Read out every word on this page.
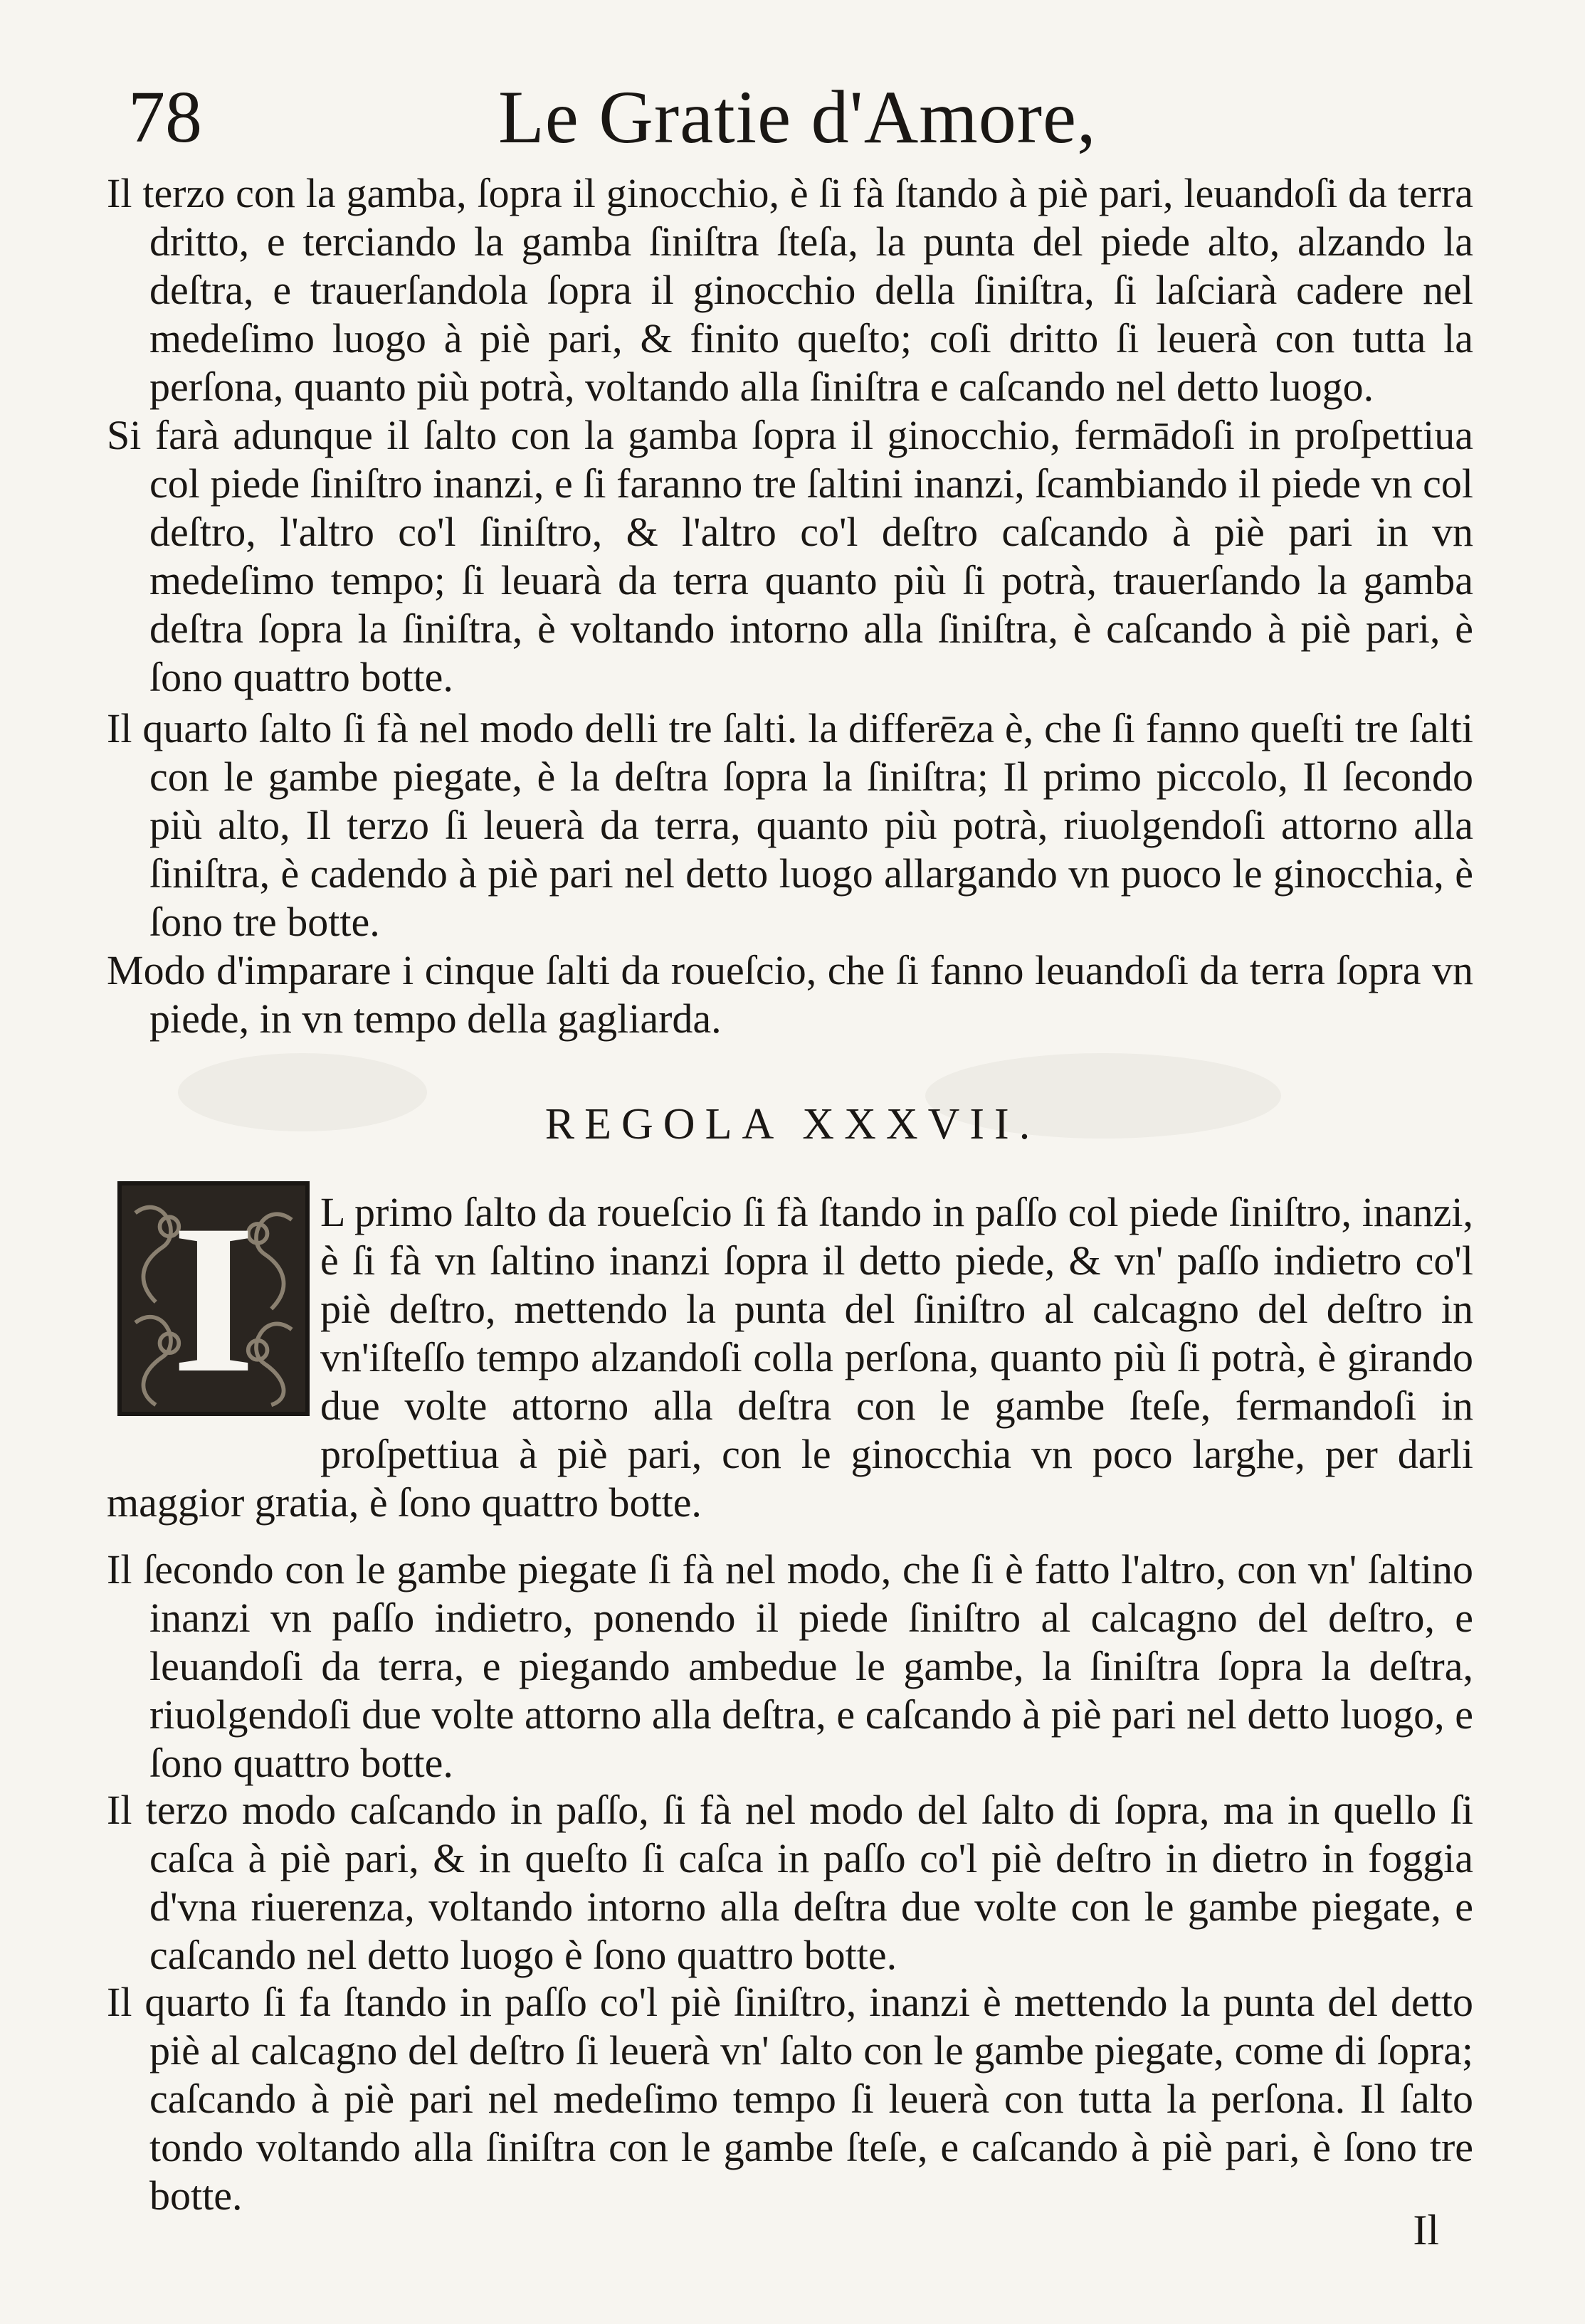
78	Le Gratie d'Amore,

Il terzo con la gamba, ſopra il ginocchio, è ſi fà ſtando à piè pari, leuandoſi da terra dritto, e terciando la gamba ſiniſtra ſteſa, la punta del piede alto, alzando la deſtra, e trauerſandola ſopra il ginocchio della ſiniſtra, ſi laſciarà cadere nel medeſimo luogo à piè pari, & finito queſto; coſi dritto ſi leuerà con tutta la perſona, quanto più potrà, voltando alla ſiniſtra e caſcando nel detto luogo.

Si farà adunque il ſalto con la gamba ſopra il ginocchio, fermādoſi in proſpettiua col piede ſiniſtro inanzi, e ſi faranno tre ſaltini inanzi, ſcambiando il piede vn col deſtro, l'altro co'l ſiniſtro, & l'altro co'l deſtro caſcando à piè pari in vn medeſimo tempo; ſi leuarà da terra quanto più ſi potrà, trauerſando la gamba deſtra ſopra la ſiniſtra, è voltando intorno alla ſiniſtra, è caſcando à piè pari, è ſono quattro botte.

Il quarto ſalto ſi fà nel modo delli tre ſalti. la differēza è, che ſi fanno queſti tre ſalti con le gambe piegate, è la deſtra ſopra la ſiniſtra; Il primo piccolo, Il ſecondo più alto, Il terzo ſi leuerà da terra, quanto più potrà, riuolgendoſi attorno alla ſiniſtra, è cadendo à piè pari nel detto luogo allargando vn puoco le ginocchia, è ſono tre botte.

Modo d'imparare i cinque ſalti da roueſcio, che ſi fanno leuandoſi da terra ſopra vn piede, in vn tempo della gagliarda.

REGOLA XXXVII.
I	L primo ſalto da roueſcio ſi fà ſtando in paſſo col piede ſiniſtro, inanzi, è ſi fà vn ſaltino inanzi ſopra il detto piede, & vn' paſſo indietro co'l piè deſtro, mettendo la punta del ſiniſtro al calcagno del deſtro in vn'iſteſſo tempo alzandoſi colla perſona, quanto più ſi potrà, è girando due volte attorno alla deſtra con le gambe ſteſe, fermandoſi in proſpettiua à piè pari, con le ginocchia vn poco larghe, per darli maggior gratia, è ſono quattro botte.

Il ſecondo con le gambe piegate ſi fà nel modo, che ſi è fatto l'altro, con vn' ſaltino inanzi vn paſſo indietro, ponendo il piede ſiniſtro al calcagno del deſtro, e leuandoſi da terra, e piegando ambedue le gambe, la ſiniſtra ſopra la deſtra, riuolgendoſi due volte attorno alla deſtra, e caſcando à piè pari nel detto luogo, e ſono quattro botte.

Il terzo modo caſcando in paſſo, ſi fà nel modo del ſalto di ſopra, ma in quello ſi caſca à piè pari, & in queſto ſi caſca in paſſo co'l piè deſtro in dietro in foggia d'vna riuerenza, voltando intorno alla deſtra due volte con le gambe piegate, e caſcando nel detto luogo è ſono quattro botte.

Il quarto ſi fa ſtando in paſſo co'l piè ſiniſtro, inanzi è mettendo la punta del detto piè al calcagno del deſtro ſi leuerà vn' ſalto con le gambe piegate, come di ſopra; caſcando à piè pari nel medeſimo tempo ſi leuerà con tutta la perſona. Il ſalto tondo voltando alla ſiniſtra con le gambe ſteſe, e caſcando à piè pari, è ſono tre botte.

Il
